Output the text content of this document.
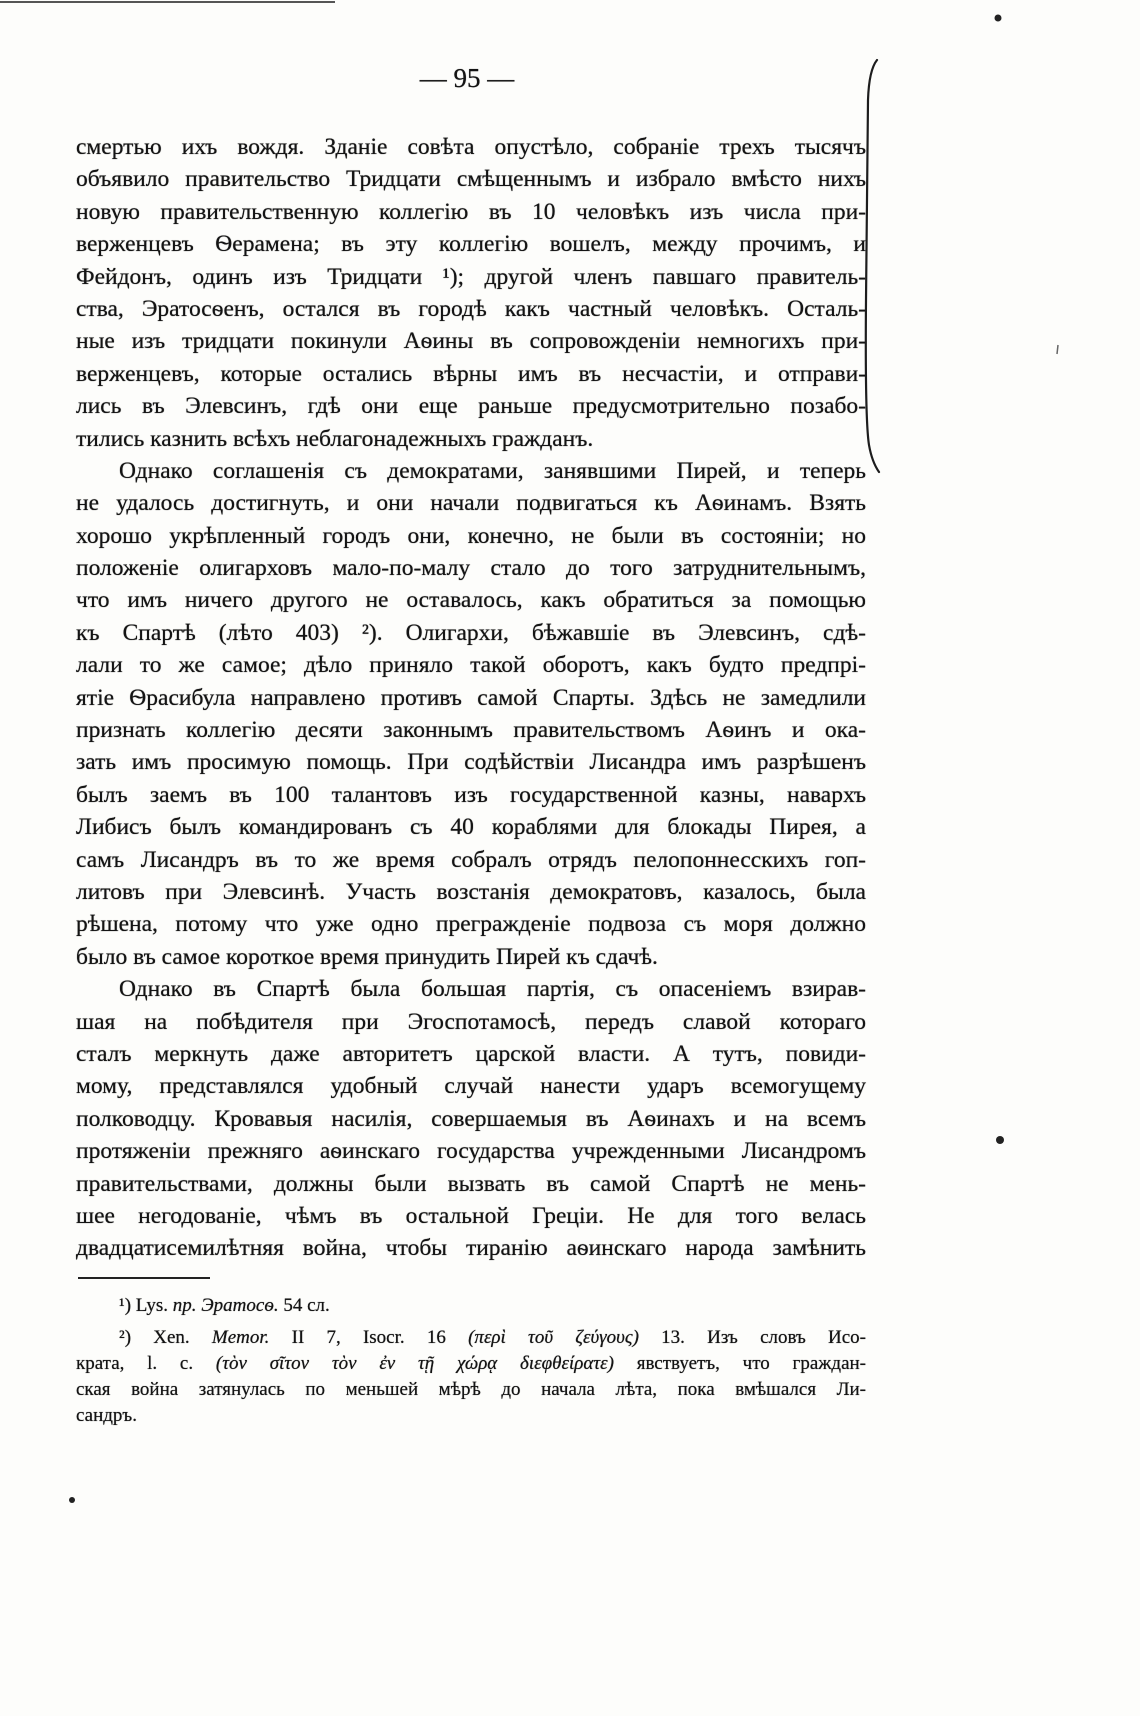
— 95 —
смертью ихъ вождя. Зданіе совѣта опустѣло, собраніе трехъ тысячъ
объявило правительство Тридцати смѣщеннымъ и избрало вмѣсто нихъ
новую правительственную коллегію въ 10 человѣкъ изъ числа при-
верженцевъ Ѳерамена; въ эту коллегію вошелъ, между прочимъ, и
Фейдонъ, одинъ изъ Тридцати ¹); другой членъ павшаго правитель-
ства, Эратосѳенъ, остался въ городѣ какъ частный человѣкъ. Осталь-
ные изъ тридцати покинули Аѳины въ сопровожденіи немногихъ при-
верженцевъ, которые остались вѣрны имъ въ несчастіи, и отправи-
лись въ Элевсинъ, гдѣ они еще раньше предусмотрительно позабо-
тились казнить всѣхъ неблагонадежныхъ гражданъ.
Однако соглашенія съ демократами, занявшими Пирей, и теперь
не удалось достигнуть, и они начали подвигаться къ Аѳинамъ. Взять
хорошо укрѣпленный городъ они, конечно, не были въ состояніи; но
положеніе олигарховъ мало-по-малу стало до того затруднительнымъ,
что имъ ничего другого не оставалось, какъ обратиться за помощью
къ Спартѣ (лѣто 403) ²). Олигархи, бѣжавшіе въ Элевсинъ, сдѣ-
лали то же самое; дѣло приняло такой оборотъ, какъ будто предпрі-
ятіе Ѳрасибула направлено противъ самой Спарты. Здѣсь не замедлили
признать коллегію десяти законнымъ правительствомъ Аѳинъ и ока-
зать имъ просимую помощь. При содѣйствіи Лисандра имъ разрѣшенъ
былъ заемъ въ 100 талантовъ изъ государственной казны, навархъ
Либисъ былъ командированъ съ 40 кораблями для блокады Пирея, а
самъ Лисандръ въ то же время собралъ отрядъ пелопоннесскихъ гоп-
литовъ при Элевсинѣ. Участь возстанія демократовъ, казалось, была
рѣшена, потому что уже одно прегражденіе подвоза съ моря должно
было въ самое короткое время принудить Пирей къ сдачѣ.
Однако въ Спартѣ была большая партія, съ опасеніемъ взирав-
шая на побѣдителя при Эгоспотамосѣ, передъ славой котораго
сталъ меркнуть даже авторитетъ царской власти. А тутъ, повиди-
мому, представлялся удобный случай нанести ударъ всемогущему
полководцу. Кровавыя насилія, совершаемыя въ Аѳинахъ и на всемъ
протяженіи прежняго аѳинскаго государства учрежденными Лисандромъ
правительствами, должны были вызвать въ самой Спартѣ не мень-
шее негодованіе, чѣмъ въ остальной Греціи. Не для того велась
двадцатисемилѣтняя война, чтобы тиранію аѳинскаго народа замѣнить
¹) Lys. пр. Эратосѳ. 54 сл.
²) Xen. Memor. II 7, Isocr. 16 (περὶ τοῦ ζεύγους) 13. Изъ словъ Исо-
крата, l. c. (τὸν σῖτον τὸν ἐν τῇ χώρᾳ διεφθείρατε) явствуетъ, что граждан-
ская война затянулась по меньшей мѣрѣ до начала лѣта, пока вмѣшался Ли-
сандръ.
